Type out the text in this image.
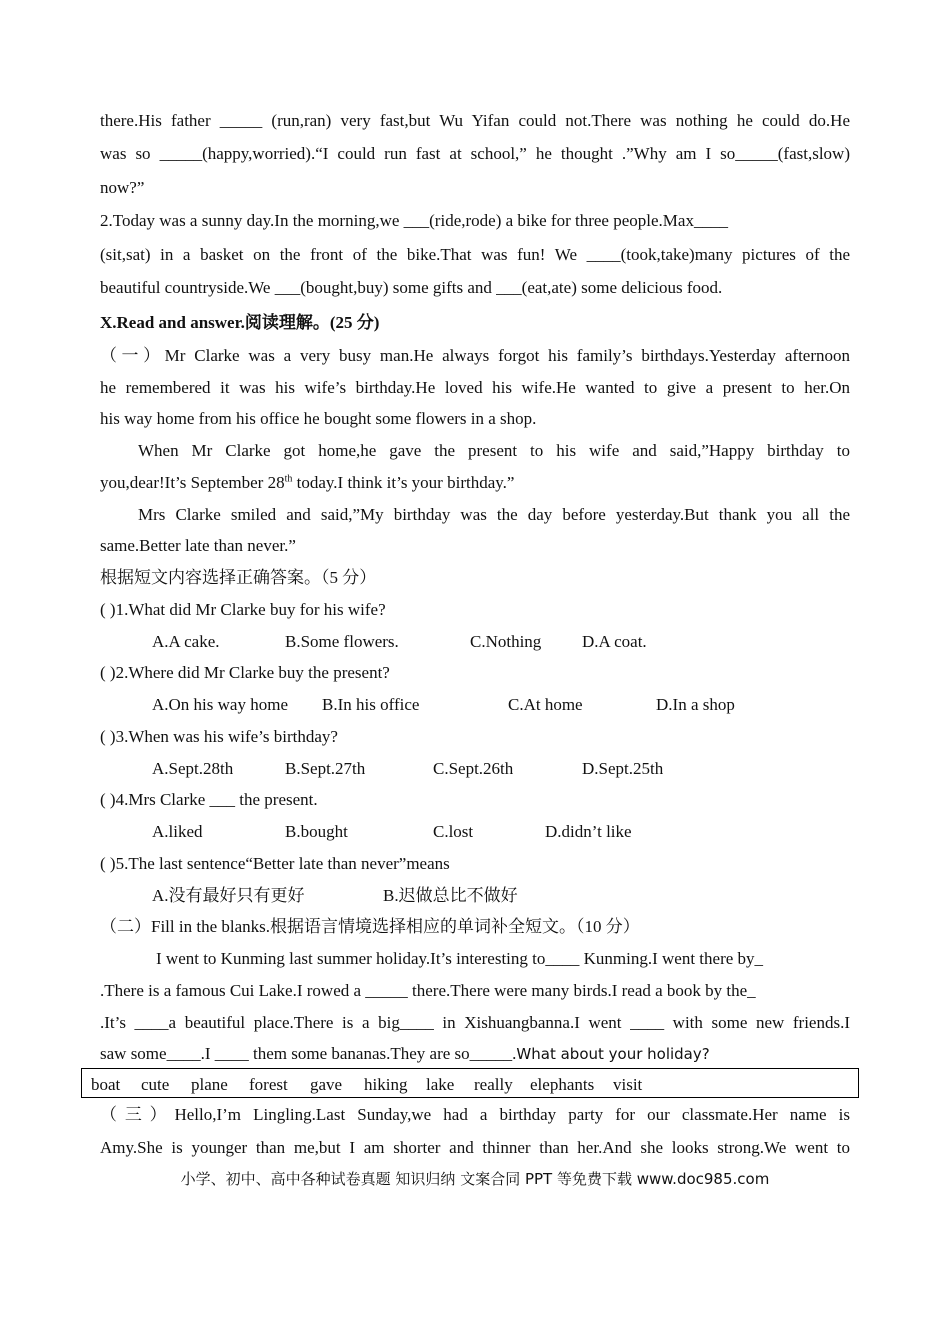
there.His father _____ (run,ran) very fast,but Wu Yifan could not.There was nothing he could do.He
was so _____(happy,worried).“I could run fast at school,” he thought .”Why am I so_____(fast,slow)
now?”
2.Today was a sunny day.In the morning,we ___(ride,rode) a bike for three people.Max____
(sit,sat) in a basket on the front of the bike.That was fun! We ____(took,take)many pictures of the
beautiful countryside.We ___(bought,buy) some gifts and ___(eat,ate) some delicious food.
X.Read and answer.阅读理解。(25 分)
（一）Mr Clarke was a very busy man.He always forgot his family’s birthdays.Yesterday afternoon
he remembered it was his wife’s birthday.He loved his wife.He wanted to give a present to her.On
his way home from his office he bought some flowers in a shop.
When Mr Clarke got home,he gave the present to his wife and said,”Happy birthday to
you,dear!It’s September 28th today.I think it’s your birthday.”
Mrs Clarke smiled and said,”My birthday was the day before yesterday.But thank you all the
same.Better late than never.”
根据短文内容选择正确答案。（5 分）
( )1.What did Mr Clarke buy for his wife?
A.A cake.	B.Some flowers.	C.Nothing D.A coat.
( )2.Where did Mr Clarke buy the present?
A.On his way home B.In his office	C.At home	D.In a shop
( )3.When was his wife’s birthday?
A.Sept.28th	B.Sept.27th	C.Sept.26th	D.Sept.25th
( )4.Mrs Clarke ___ the present.
A.liked	B.bought	C.lost	D.didn’t like
( )5.The last sentence“Better late than never”means
A.没有最好只有更好	B.迟做总比不做好
（二）Fill in the blanks.根据语言情境选择相应的单词补全短文。（10 分）
I went to Kunming last summer holiday.It’s interesting to____ Kunming.I went there by_
.There is a famous Cui Lake.I rowed a _____ there.There were many birds.I read a book by the_
.It’s ____a beautiful place.There is a big____ in Xishuangbanna.I went ____ with some new friends.I
saw some____.I ____ them some bananas.They are so_____.What about your holiday?
boat cute plane forest gave hiking lake really elephants visit
（三）Hello,I’m Lingling.Last Sunday,we had a birthday party for our classmate.Her name is
Amy.She is younger than me,but I am shorter and thinner than her.And she looks strong.We went to
小学、初中、高中各种试卷真题 知识归纳 文案合同 PPT 等免费下载 www.doc985.com
